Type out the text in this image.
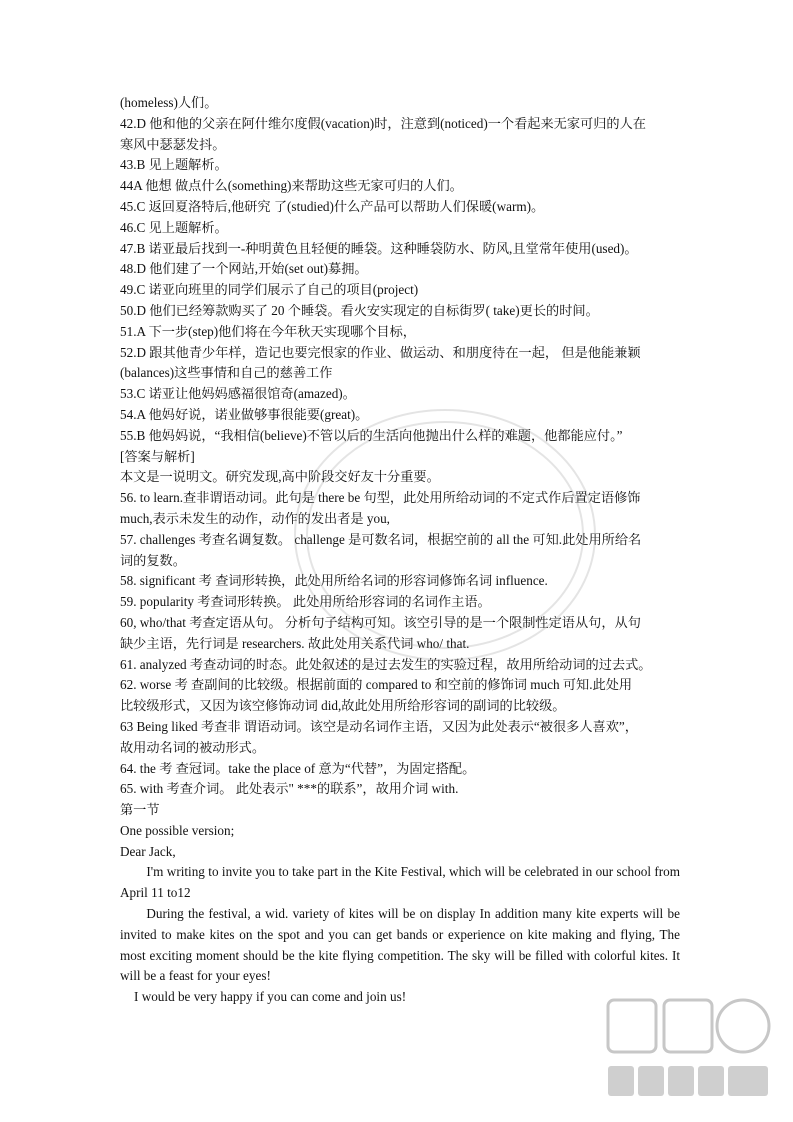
(homeless)人们。
42.D 他和他的父亲在阿什维尔度假(vacation)时，注意到(noticed)一个看起来无家可归的人在
寒风中瑟瑟发抖。
43.B 见上题解析。
44A 他想 做点什么(something)来帮助这些无家可归的人们。
45.C 返回夏洛特后,他研究 了(studied)什么产品可以帮助人们保暖(warm)。
46.C 见上题解析。
47.B 诺亚最后找到一-种明黄色且轻便的睡袋。这种睡袋防水、防风,且堂常年使用(used)。
48.D 他们建了一个网站,开始(set out)募拥。
49.C 诺亚向班里的同学们展示了自己的项目(project)
50.D 他们已经筹款购买了 20 个睡袋。看火安实现定的自标街罗( take)更长的时间。
51.A 下一步(step)他们将在今年秋天实现哪个目标，
52.D 跟其他青少年样，造记也要完恨家的作业、做运动、和朋度待在一起， 但是他能兼颖
(balances)这些事情和自己的慈善工作
53.C 诺亚让他妈妈感福很馆奇(amazed)。
54.A 他妈好说，诺业做够事很能要(great)。
55.B 他妈妈说，“我相信(believe)不管以后的生活向他抛出什么样的难题，他都能应付。”
[答案与解析]
本文是一说明文。研究发现,高中阶段交好友十分重要。
56. to learn.查非谓语动词。此句是 there be 句型，此处用所给动词的不定式作后置定语修饰
much,表示未发生的动作，动作的发出者是 you,
57. challenges 考查名调复数。 challenge 是可数名词，根据空前的 all the 可知.此处用所给名
词的复数。
58. significant 考 查词形转换，此处用所给名词的形容词修饰名词 influence.
59. popularity 考查词形转换。 此处用所给形容词的名词作主语。
60, who/that 考查定语从句。 分析句子结构可知。该空引导的是一个限制性定语从句，从句
缺少主语，先行词是 researchers. 故此处用关系代词 who/ that.
61. analyzed 考查动词的时态。此处叙述的是过去发生的实验过程，故用所给动词的过去式。
62. worse 考 查副间的比较级。根据前面的 compared to 和空前的修饰词 much 可知.此处用
比较级形式，又因为该空修饰动词 did,故此处用所给形容词的副词的比较级。
63 Being liked 考查非 谓语动词。该空是动名词作主语，又因为此处表示“被很多人喜欢”，
故用动名词的被动形式。
64. the 考 查冠词。take the place of 意为“代替”，为固定搭配。
65. with 考查介词。 此处表示" ***的联系”，故用介词 with.
第一节
One possible version;
Dear Jack,
I'm writing to invite you to take part in the Kite Festival, which will be celebrated in our school from April 11 to12
During the festival, a wid. variety of kites will be on display In addition many kite experts will be invited to make kites on the spot and you can get bands or experience on kite making and flying, The most exciting moment should be the kite flying competition. The sky will be filled with colorful kites. It will be a feast for your eyes!
I would be very happy if you can come and join us!
